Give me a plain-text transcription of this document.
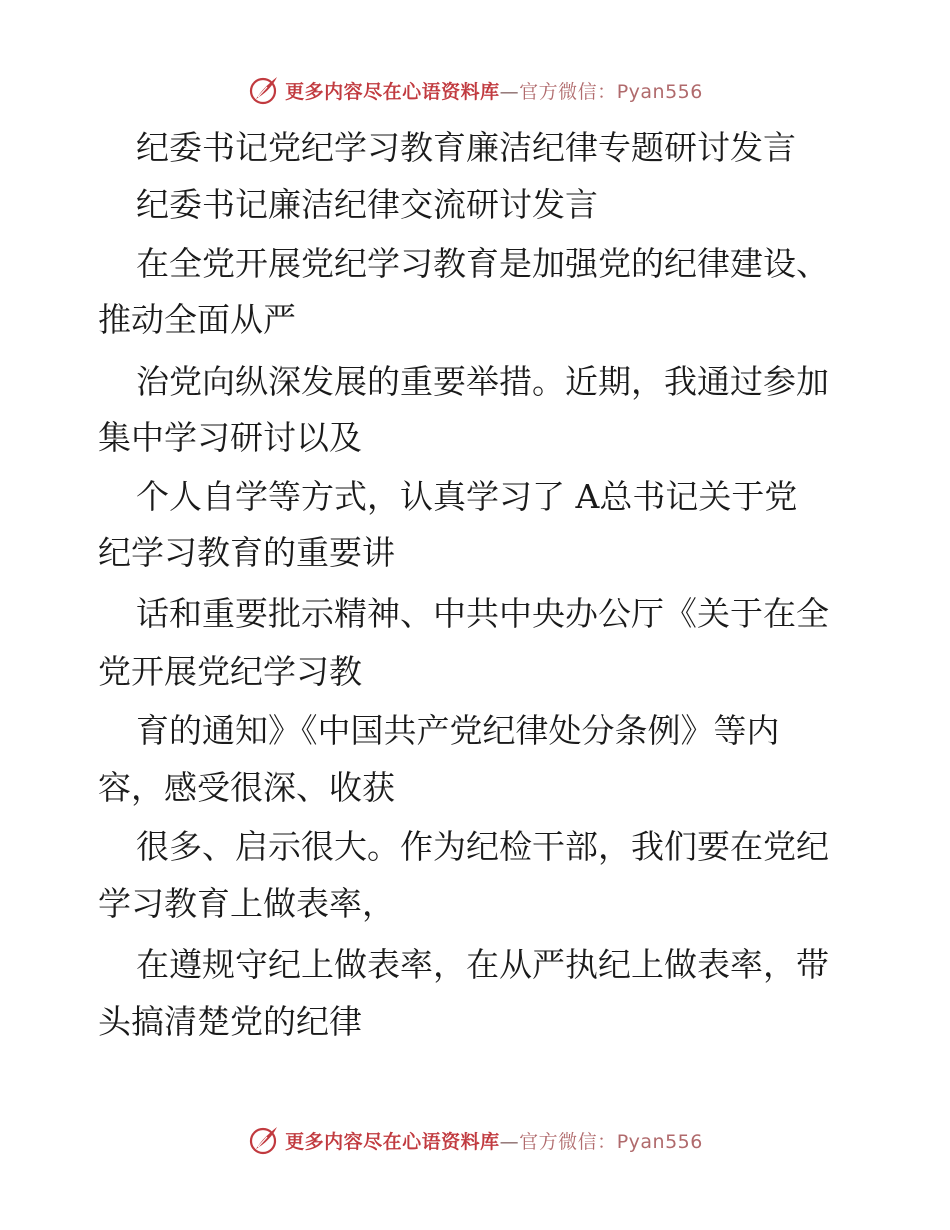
更多内容尽在心语资料库—官方微信：Pyan556
纪委书记党纪学习教育廉洁纪律专题研讨发言
纪委书记廉洁纪律交流研讨发言
在全党开展党纪学习教育是加强党的纪律建设、
推动全面从严
治党向纵深发展的重要举措。近期，我通过参加
集中学习研讨以及
个人自学等方式，认真学习了 A总书记关于党
纪学习教育的重要讲
话和重要批示精神、中共中央办公厅《关于在全
党开展党纪学习教
育的通知》《中国共产党纪律处分条例》等内
容，感受很深、收获
很多、启示很大。作为纪检干部，我们要在党纪
学习教育上做表率，
在遵规守纪上做表率，在从严执纪上做表率，带
头搞清楚党的纪律
更多内容尽在心语资料库—官方微信：Pyan556
